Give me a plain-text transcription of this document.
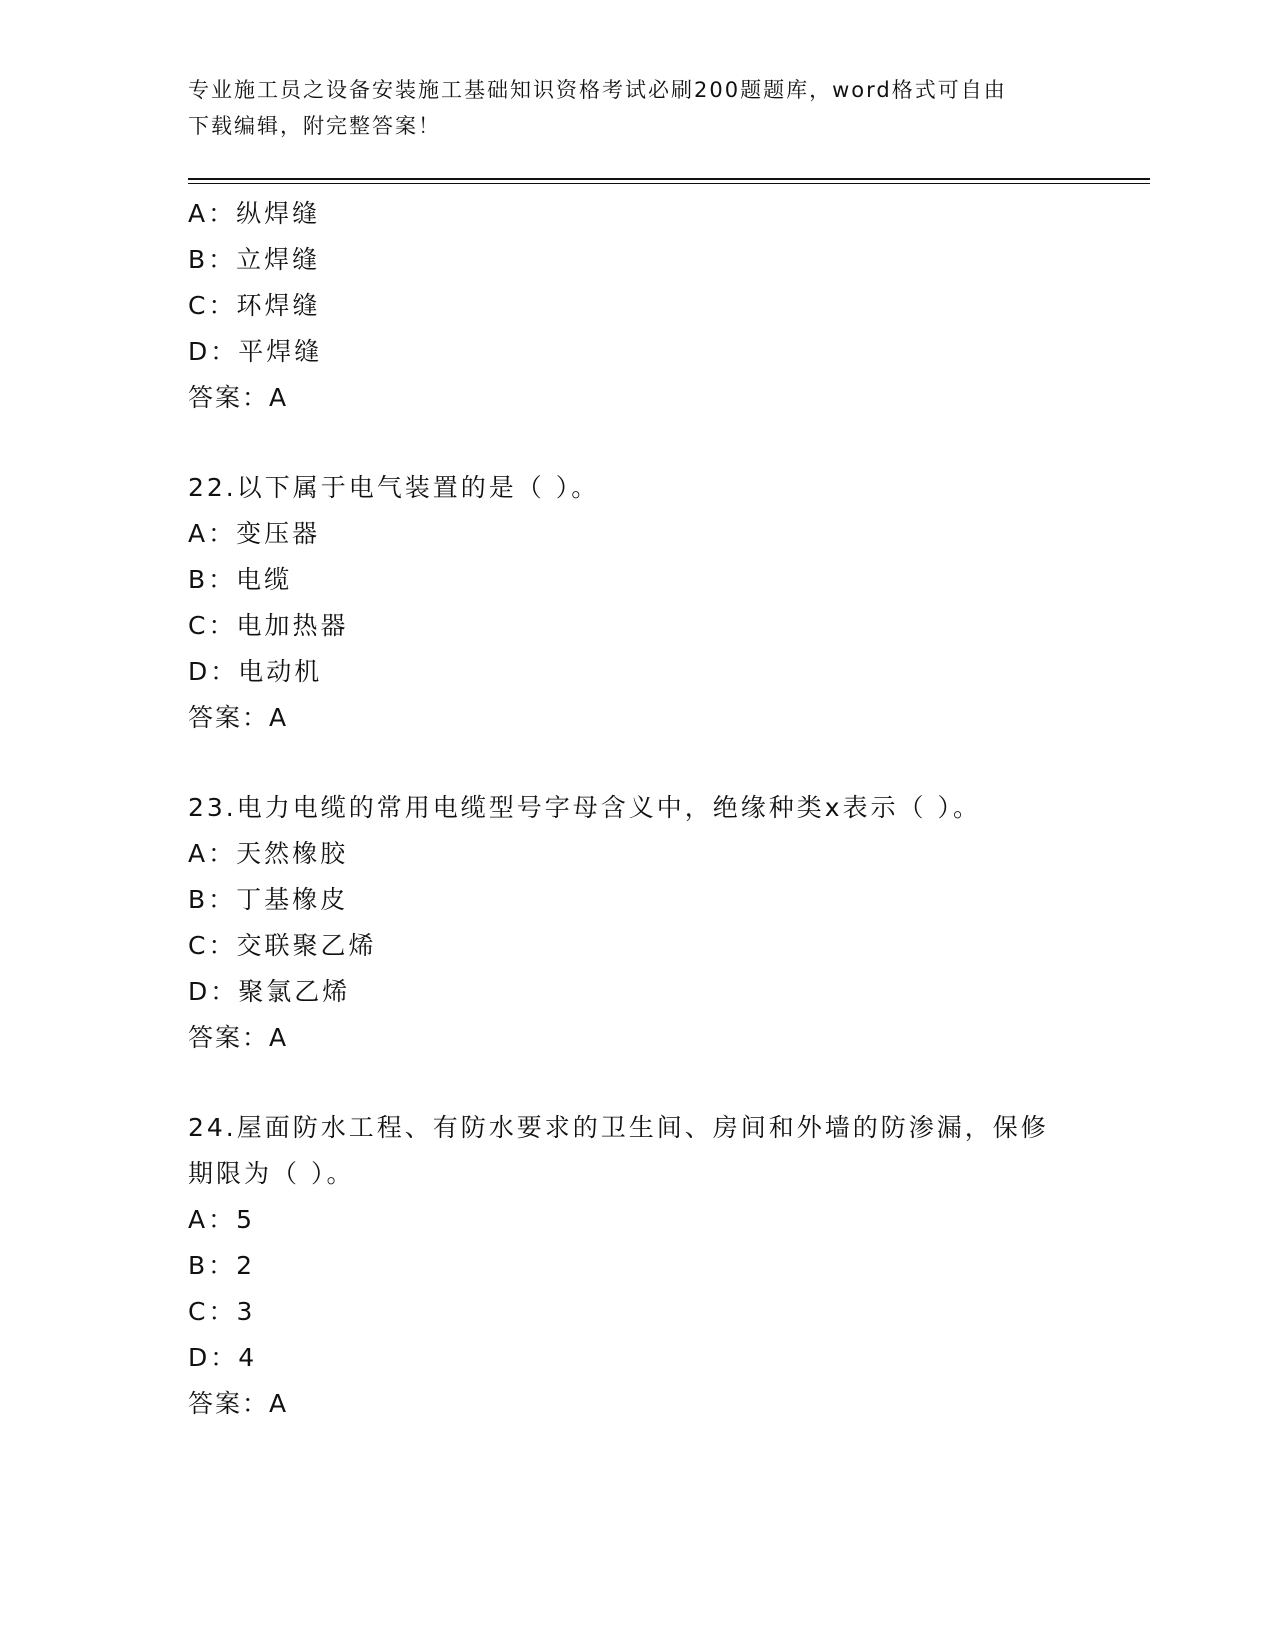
专业施工员之设备安装施工基础知识资格考试必刷200题题库，word格式可自由
下载编辑，附完整答案！
A：纵焊缝
B：立焊缝
C：环焊缝
D：平焊缝
答案：A
22.以下属于电气装置的是（ ）。
A：变压器
B：电缆
C：电加热器
D：电动机
答案：A
23.电力电缆的常用电缆型号字母含义中，绝缘种类x表示（ ）。
A：天然橡胶
B：丁基橡皮
C：交联聚乙烯
D：聚氯乙烯
答案：A
24.屋面防水工程、有防水要求的卫生间、房间和外墙的防渗漏，保修
期限为（ ）。
A：5
B：2
C：3
D：4
答案：A
